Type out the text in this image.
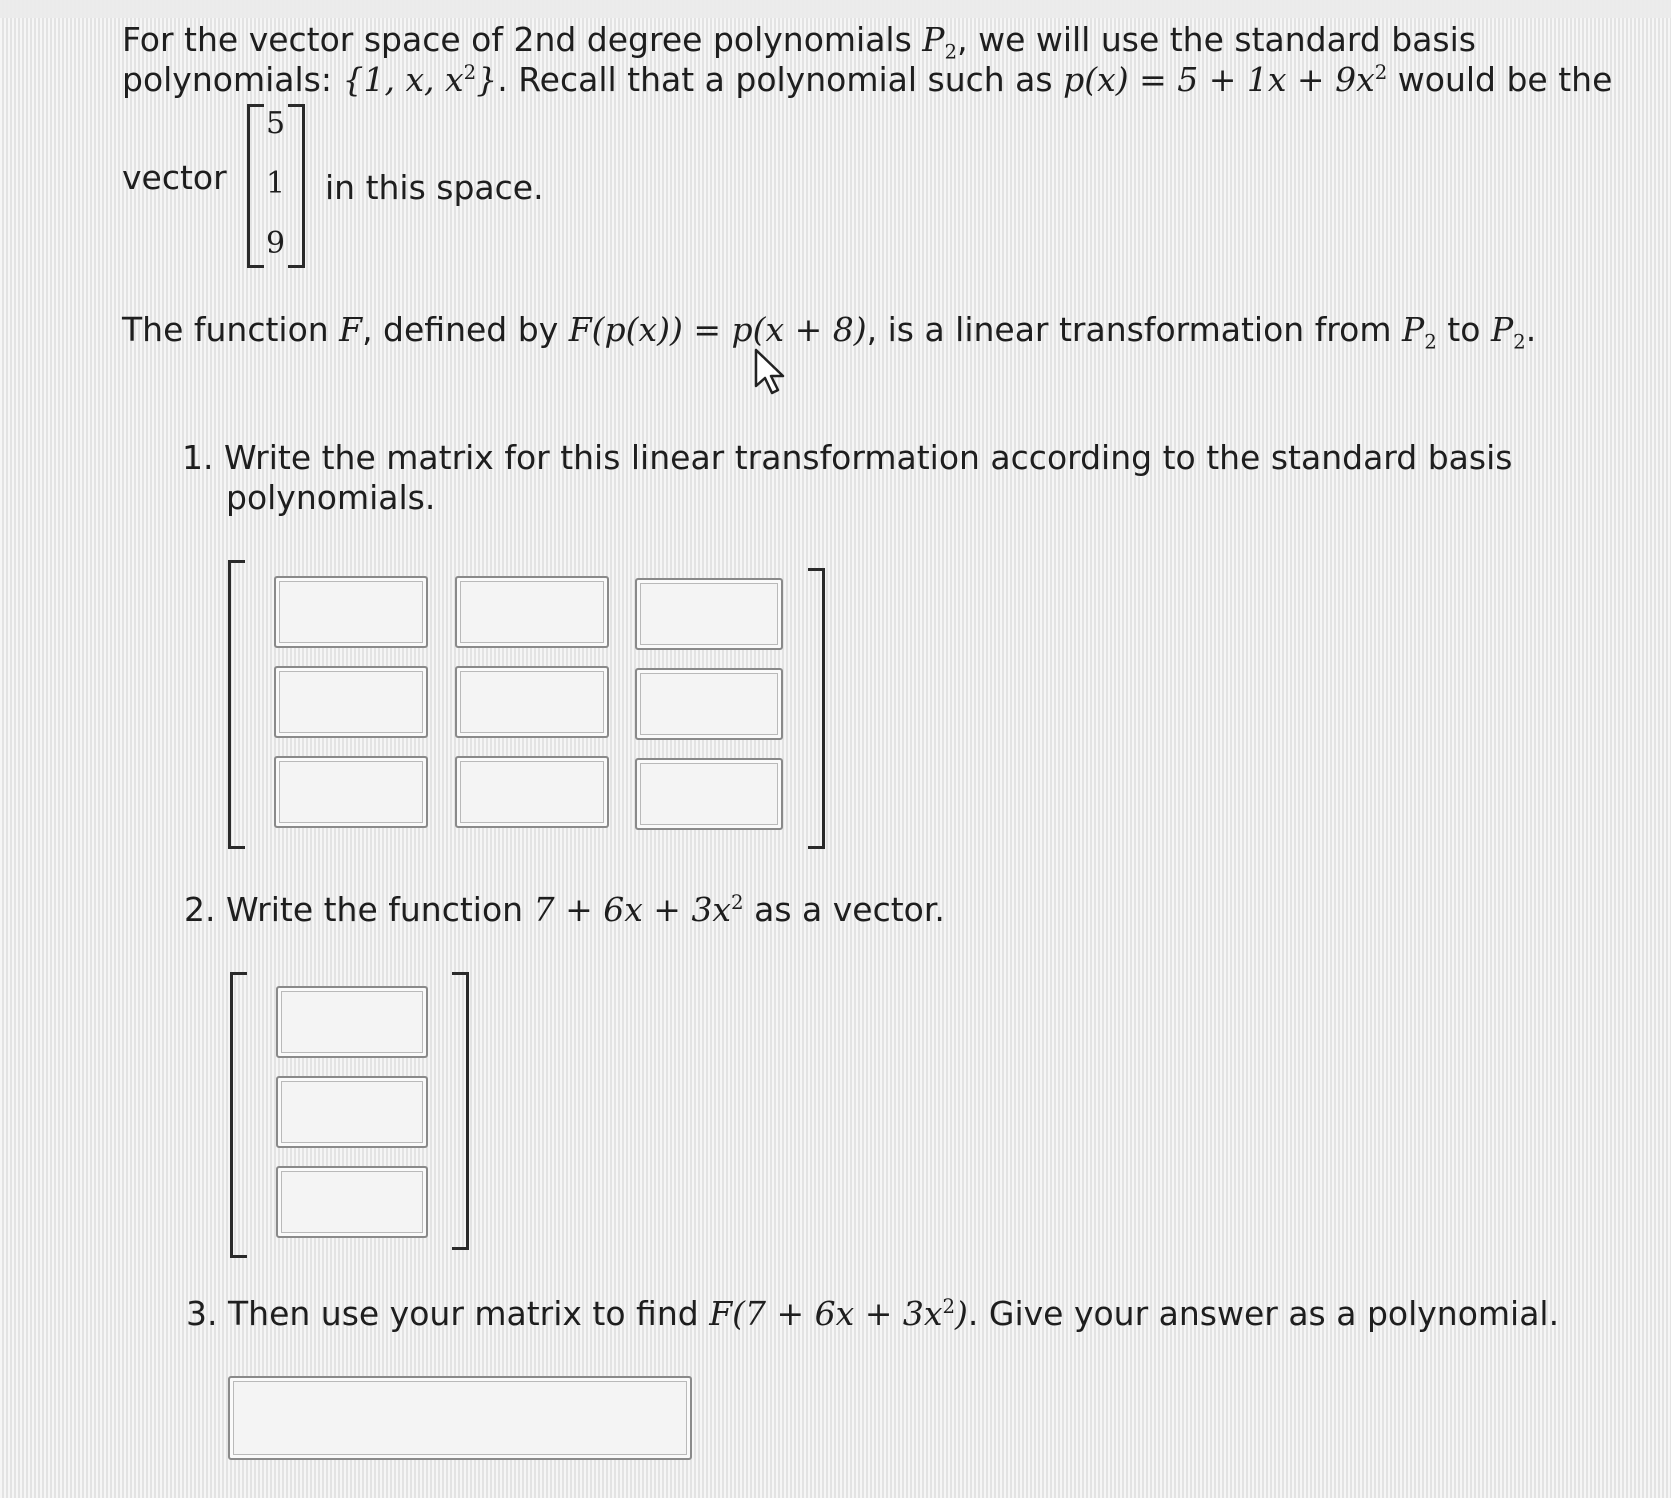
For the vector space of 2nd degree polynomials $P_2$, we will use the standard basis
polynomials: {1, x, $x^2$}. Recall that a polynomial such as $p(x) = 5 + 1x + 9x^2$ would be the
vector
5
1
9
in this space.
The function F, defined by F(p(x)) = p(x + 8), is a linear transformation from $P_2$ to $P_2$.
1. Write the matrix for this linear transformation according to the standard basis
polynomials.
2. Write the function $7 + 6x + 3x^2$ as a vector.
3. Then use your matrix to find $F(7 + 6x + 3x^2)$. Give your answer as a polynomial.
